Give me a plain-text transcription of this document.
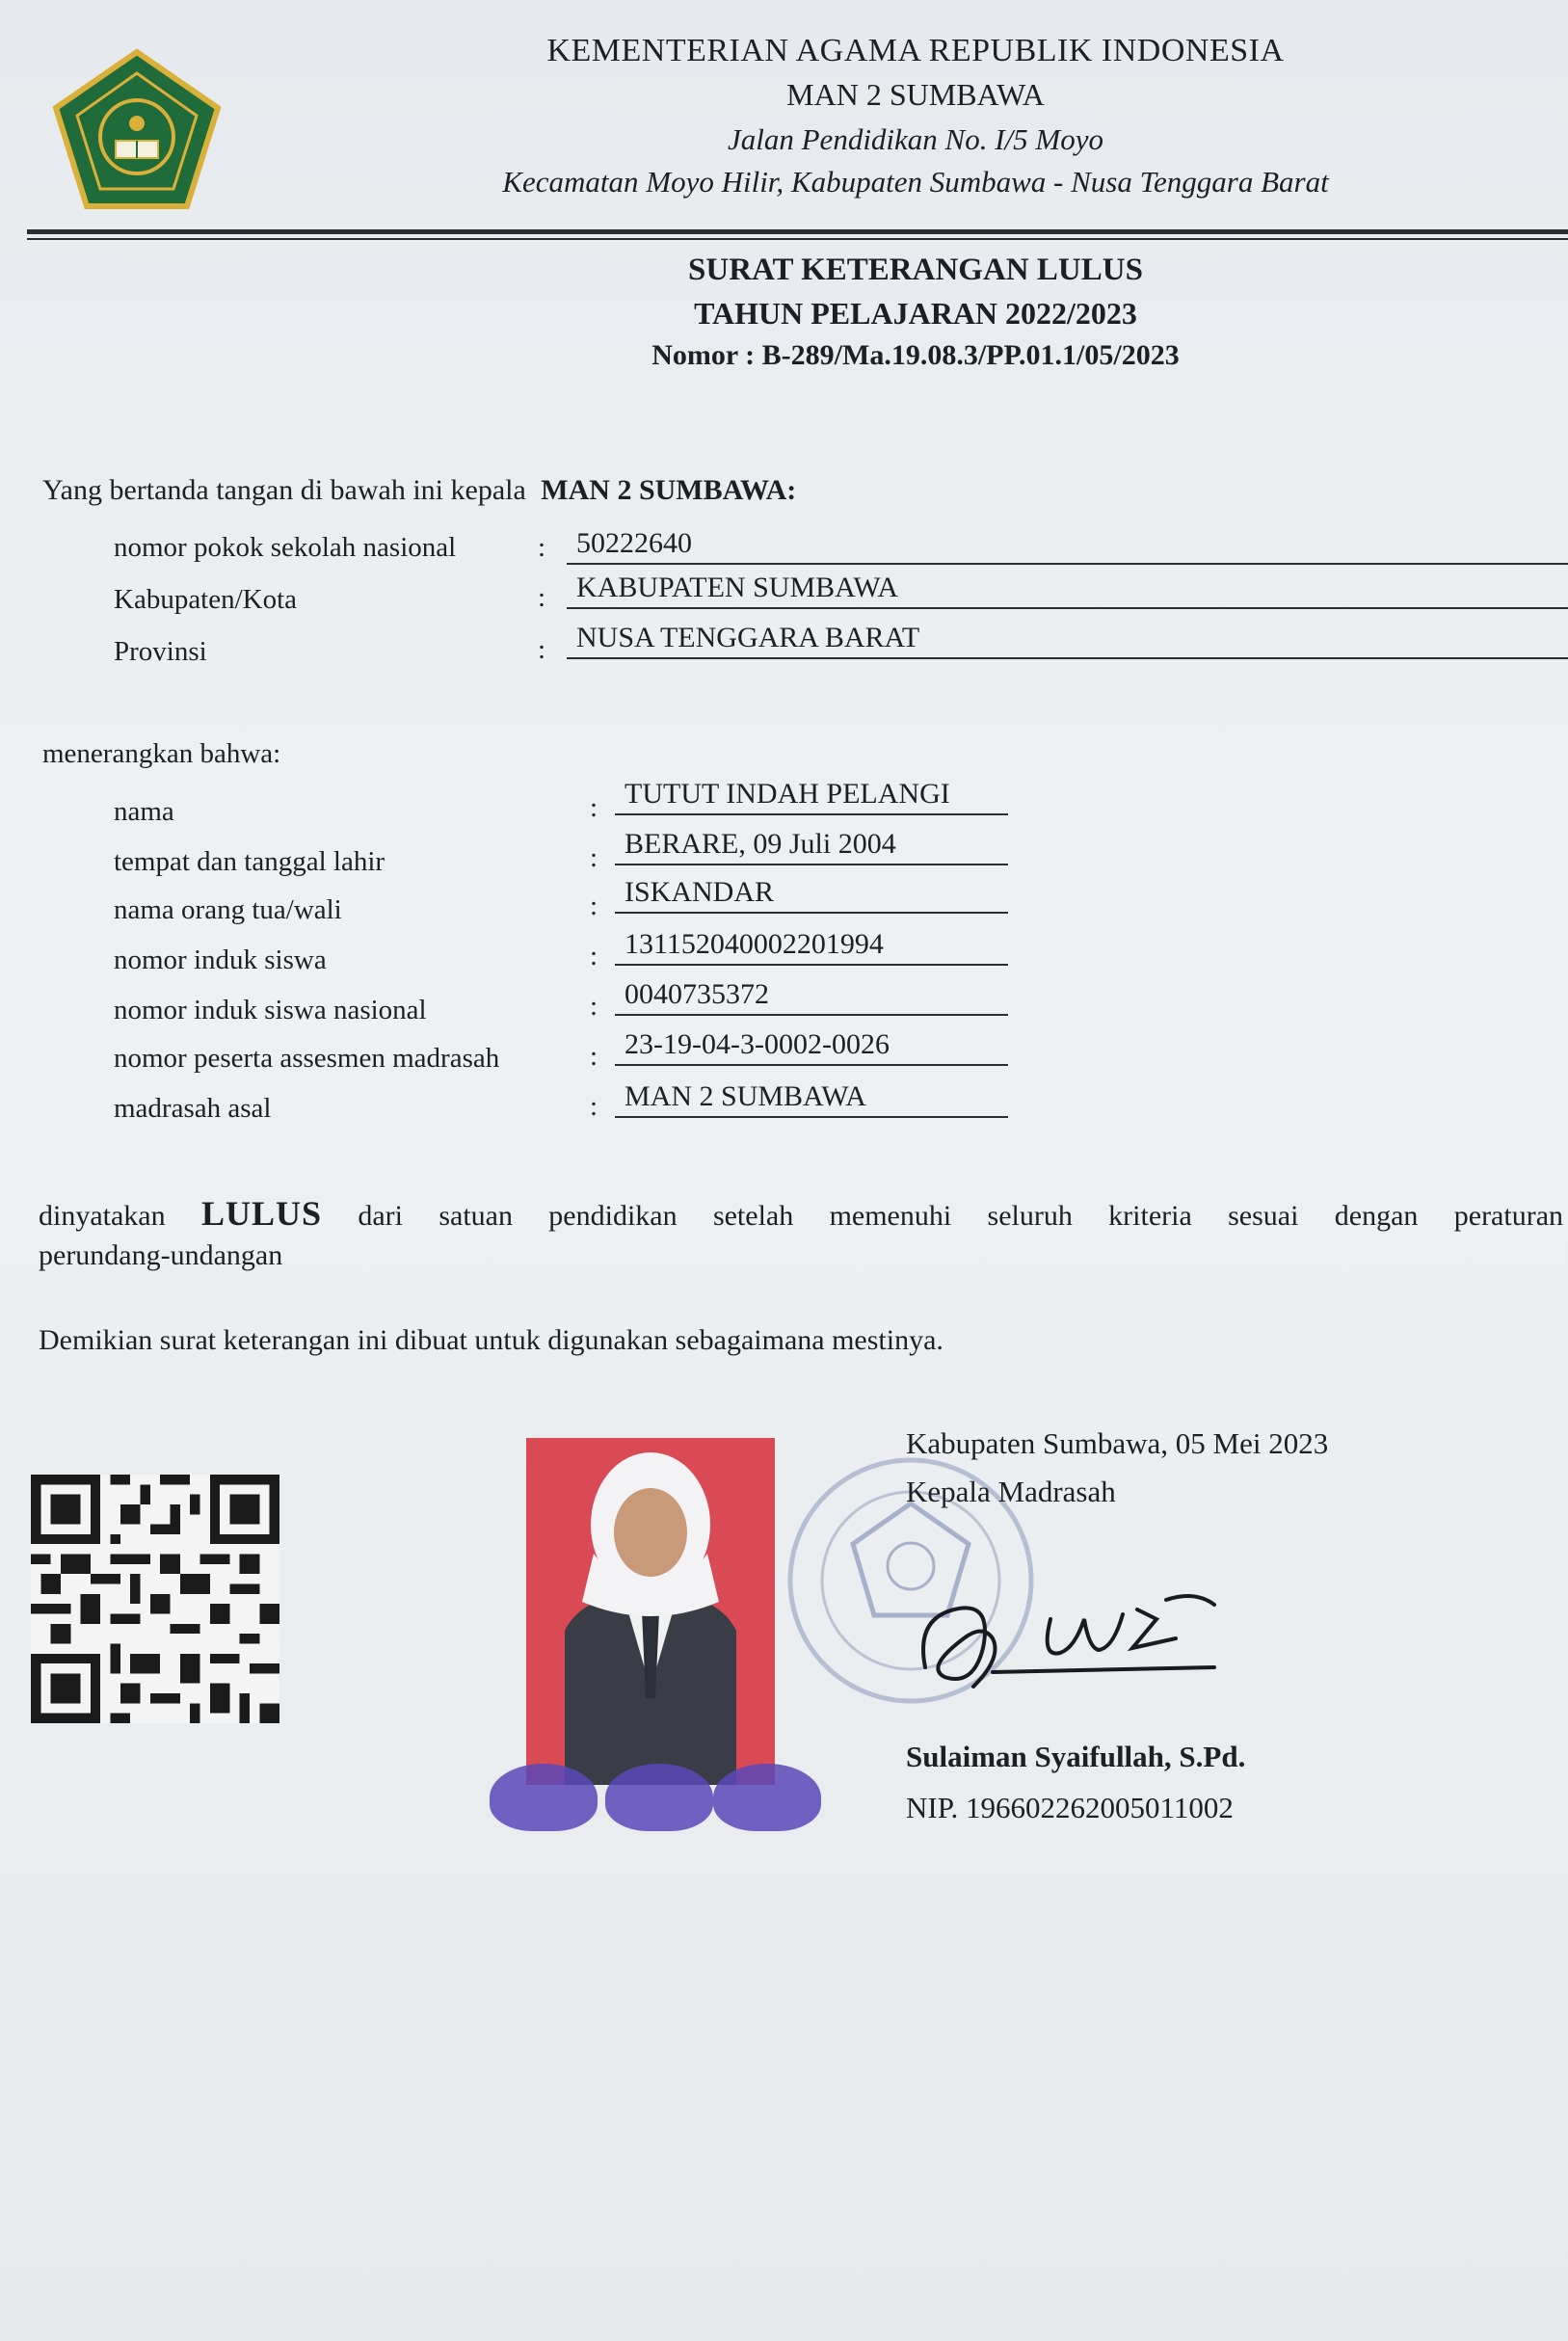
KEMENTERIAN AGAMA REPUBLIK INDONESIA
MAN 2 SUMBAWA
Jalan Pendidikan No. I/5 Moyo
Kecamatan Moyo Hilir, Kabupaten Sumbawa - Nusa Tenggara Barat
SURAT KETERANGAN LULUS
TAHUN PELAJARAN 2022/2023
Nomor : B-289/Ma.19.08.3/PP.01.1/05/2023
Yang bertanda tangan di bawah ini kepala MAN 2 SUMBAWA:
nomor pokok sekolah nasional	:	50222640
Kabupaten/Kota	:	KABUPATEN SUMBAWA
Provinsi	:	NUSA TENGGARA BARAT
menerangkan bahwa:
nama	: TUTUT INDAH PELANGI
tempat dan tanggal lahir	: BERARE, 09 Juli 2004
nama orang tua/wali	: ISKANDAR
nomor induk siswa	: 131152040002201994
nomor induk siswa nasional	: 0040735372
nomor peserta assesmen madrasah	: 23-19-04-3-0002-0026
madrasah asal	: MAN 2 SUMBAWA
dinyatakan LULUS dari satuan pendidikan setelah memenuhi seluruh kriteria sesuai dengan peraturan
perundang-undangan
Demikian surat keterangan ini dibuat untuk digunakan sebagaimana mestinya.
Kabupaten Sumbawa, 05 Mei 2023
Kepala Madrasah
Sulaiman Syaifullah, S.Pd.
NIP. 196602262005011002
